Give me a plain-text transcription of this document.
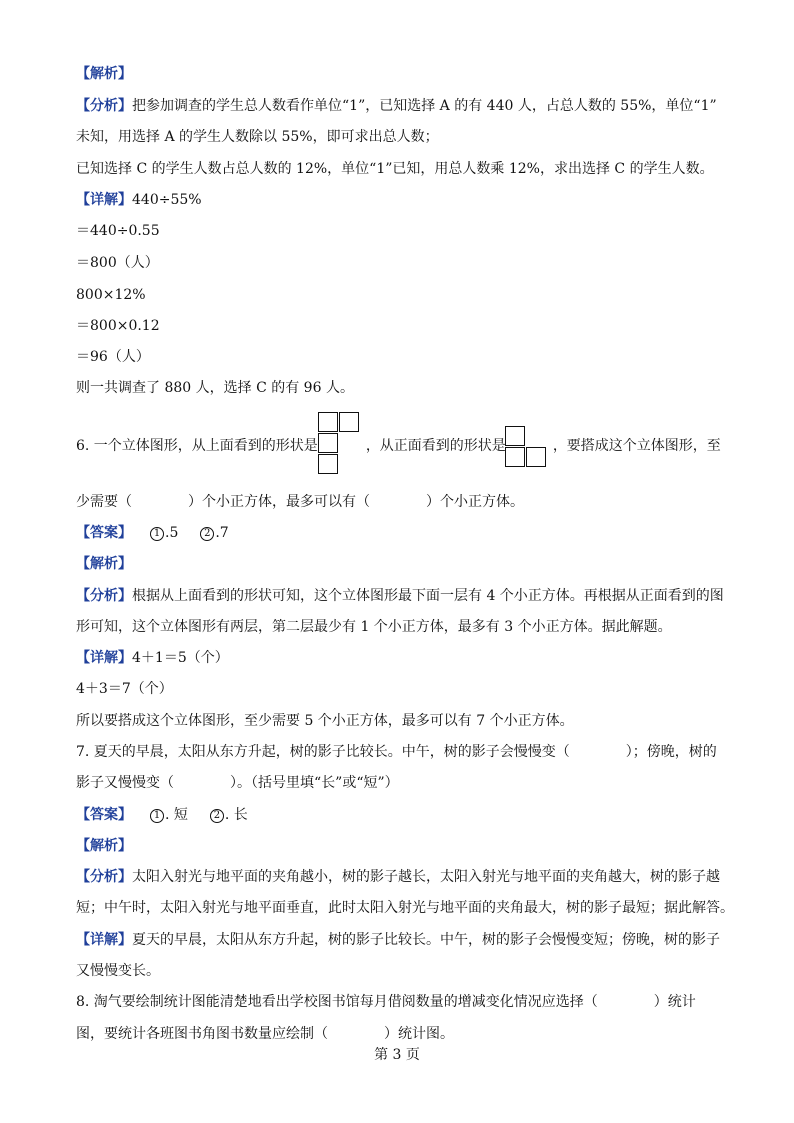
【解析】
【分析】把参加调查的学生总人数看作单位“1”，已知选择 A 的有 440 人，占总人数的 55%，单位“1”
未知，用选择 A 的学生人数除以 55%，即可求出总人数；
已知选择 C 的学生人数占总人数的 12%，单位“1”已知，用总人数乘 12%，求出选择 C 的学生人数。
【详解】440÷55%
＝440÷0.55
＝800（人）
800×12%
＝800×0.12
＝96（人）
则一共调查了 880 人，选择 C 的有 96 人。
6. 一个立体图形，从上面看到的形状是	，从正面看到的形状是	，要搭成这个立体图形，至
少需要（　　　　）个小正方体，最多可以有（　　　　）个小正方体。
【答案】 1 .5	2 .7
【解析】
【分析】根据从上面看到的形状可知，这个立体图形最下面一层有 4 个小正方体。再根据从正面看到的图
形可知，这个立体图形有两层，第二层最少有 1 个小正方体，最多有 3 个小正方体。据此解题。
【详解】4＋1＝5（个）
4＋3＝7（个）
所以要搭成这个立体图形，至少需要 5 个小正方体，最多可以有 7 个小正方体。
7. 夏天的早晨，太阳从东方升起，树的影子比较长。中午，树的影子会慢慢变（　　　　）；傍晚，树的
影子又慢慢变（　　　　）。（括号里填“长”或“短”）
【答案】 1 . 短	2 . 长
【解析】
【分析】太阳入射光与地平面的夹角越小，树的影子越长，太阳入射光与地平面的夹角越大，树的影子越
短；中午时，太阳入射光与地平面垂直，此时太阳入射光与地平面的夹角最大，树的影子最短；据此解答。
【详解】夏天的早晨，太阳从东方升起，树的影子比较长。中午，树的影子会慢慢变短；傍晚，树的影子
又慢慢变长。
8. 淘气要绘制统计图能清楚地看出学校图书馆每月借阅数量的增减变化情况应选择（　　　　）统计
图，要统计各班图书角图书数量应绘制（　　　　）统计图。
第 3 页
